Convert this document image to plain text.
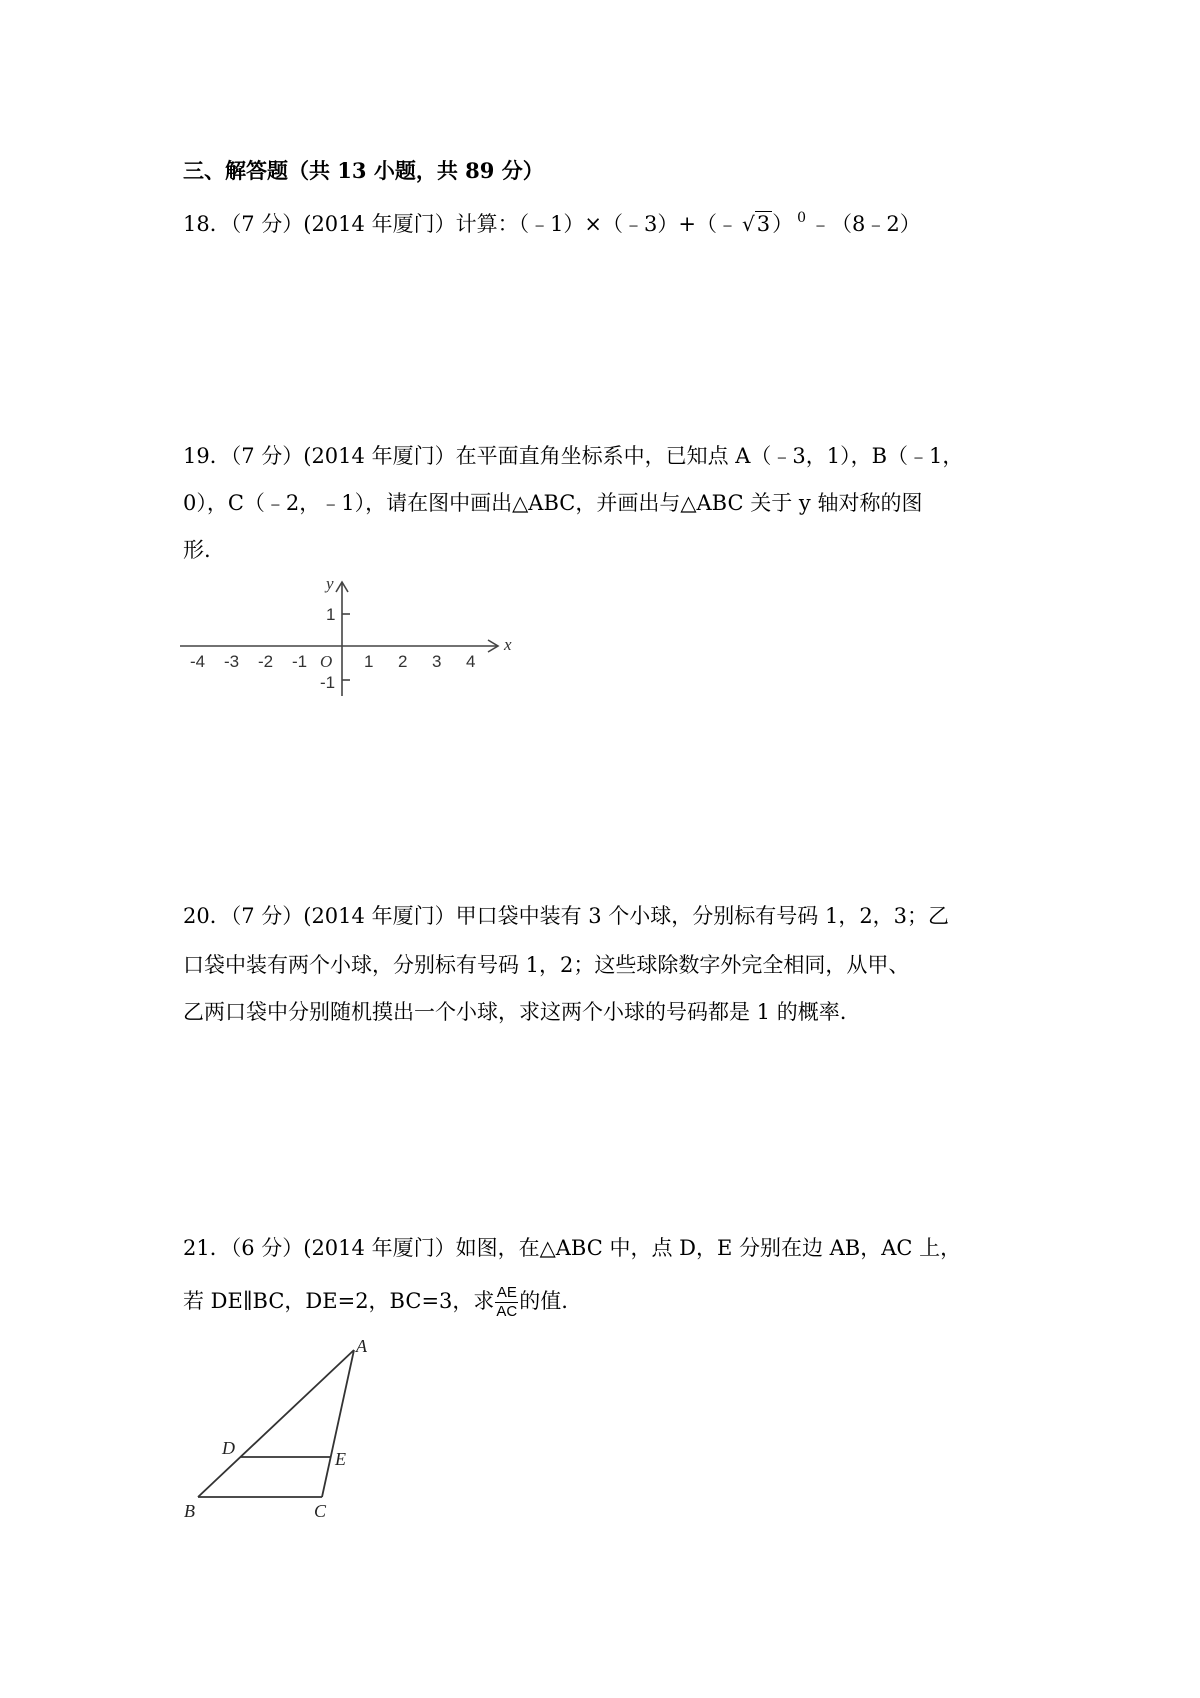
三、解答题（共 13 小题，共 89 分）
18．（7 分）(2014 年厦门）计算：（﹣1）×（﹣3）+（﹣ √3） $^0$ ﹣（8﹣2）
19．（7 分）(2014 年厦门）在平面直角坐标系中，已知点 A（﹣3，1），B（﹣1，
0），C（﹣2，﹣1），请在图中画出△ABC，并画出与△ABC 关于 y 轴对称的图
形.
x
y
O
-4 -3 -2 -1	1 2 3 4
1
-1
20．（7 分）(2014 年厦门）甲口袋中装有 3 个小球，分别标有号码 1，2，3；乙
口袋中装有两个小球，分别标有号码 1，2；这些球除数字外完全相同，从甲、
乙两口袋中分别随机摸出一个小球，求这两个小球的号码都是 1 的概率.
21．（6 分）(2014 年厦门）如图，在△ABC 中，点 D，E 分别在边 AB，AC 上，
若 DE∥BC，DE=2，BC=3，求 $\frac{AE}{AC}$ 的值.
A
B	C
D
E
